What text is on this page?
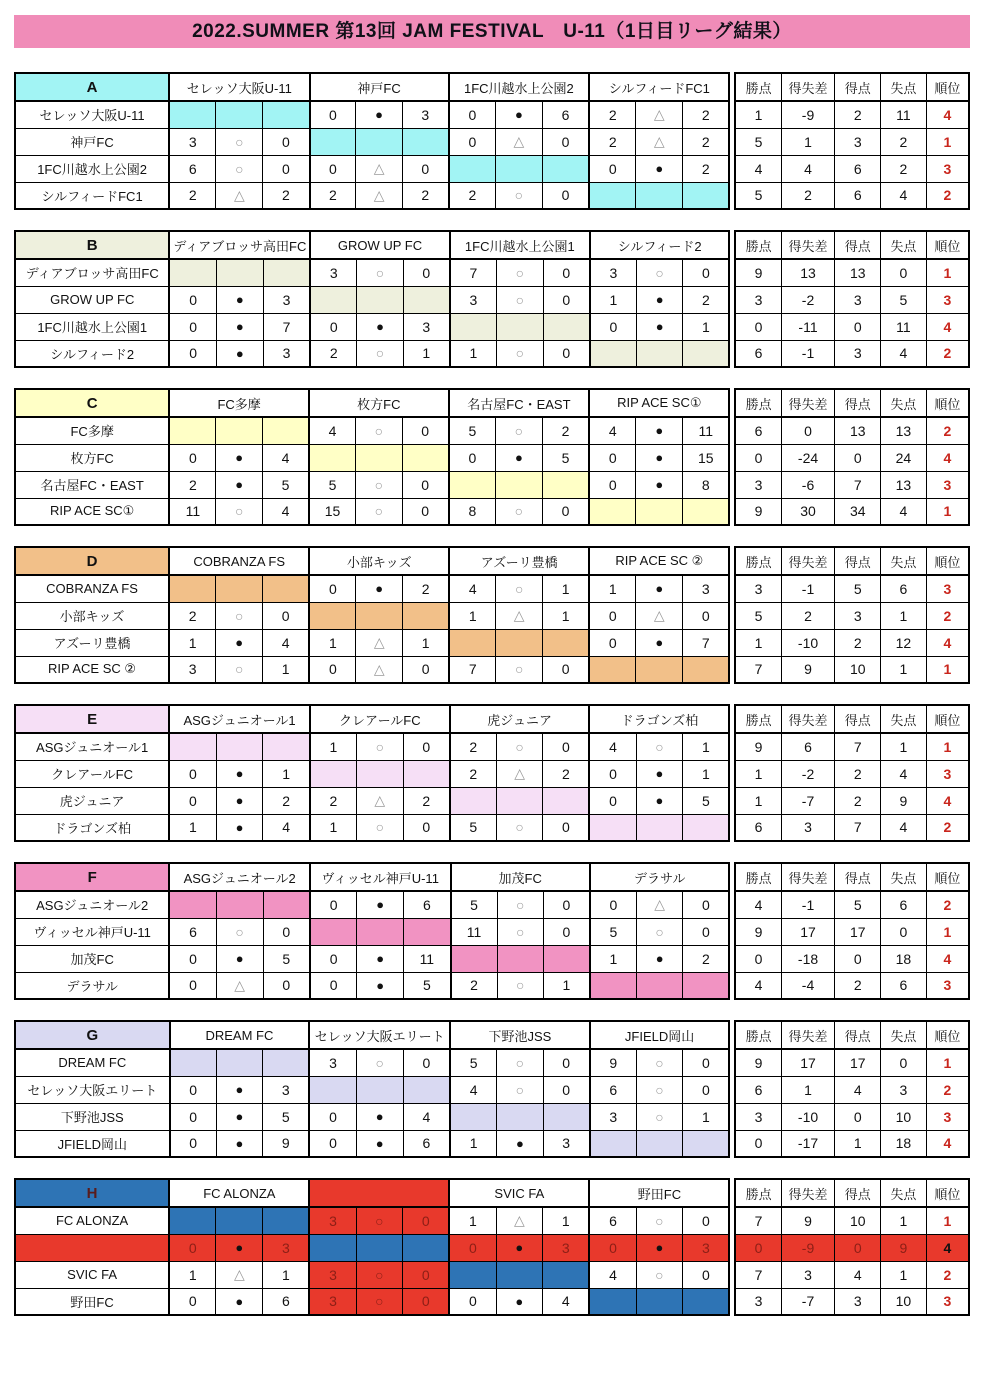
2022.SUMMER 第13回 JAM FESTIVAL　U-11（1日目リーグ結果）
A	セレッソ大阪U-11			神戸FC			1FC川越水上公園2			シルフィードFC1		
セレッソ大阪U-11				0	●	3	0	●	6	2	△	2
神戸FC	3	○	0				0	△	0	2	△	2
1FC川越水上公園2	6	○	0	0	△	0				0	●	2
シルフィードFC1	2	△	2	2	△	2	2	○	0			
勝点	得失差	得点	失点	順位
1	-9	2	11	4
5	1	3	2	1
4	4	6	2	3
5	2	6	4	2
B	ディアブロッサ高田FC			GROW UP FC			1FC川越水上公園1			シルフィード2		
ディアブロッサ高田FC				3	○	0	7	○	0	3	○	0
GROW UP FC	0	●	3				3	○	0	1	●	2
1FC川越水上公園1	0	●	7	0	●	3				0	●	1
シルフィード2	0	●	3	2	○	1	1	○	0			
勝点	得失差	得点	失点	順位
9	13	13	0	1
3	-2	3	5	3
0	-11	0	11	4
6	-1	3	4	2
C	FC多摩			枚方FC			名古屋FC・EAST			RIP ACE SC①		
FC多摩				4	○	0	5	○	2	4	●	11
枚方FC	0	●	4				0	●	5	0	●	15
名古屋FC・EAST	2	●	5	5	○	0				0	●	8
RIP ACE SC①	11	○	4	15	○	0	8	○	0			
勝点	得失差	得点	失点	順位
6	0	13	13	2
0	-24	0	24	4
3	-6	7	13	3
9	30	34	4	1
D	COBRANZA FS			小部キッズ			アズーリ豊橋			RIP ACE SC ②		
COBRANZA FS				0	●	2	4	○	1	1	●	3
小部キッズ	2	○	0				1	△	1	0	△	0
アズーリ豊橋	1	●	4	1	△	1				0	●	7
RIP ACE SC ②	3	○	1	0	△	0	7	○	0			
勝点	得失差	得点	失点	順位
3	-1	5	6	3
5	2	3	1	2
1	-10	2	12	4
7	9	10	1	1
E	ASGジュニオール1			クレアールFC			虎ジュニア			ドラゴンズ柏		
ASGジュニオール1				1	○	0	2	○	0	4	○	1
クレアールFC	0	●	1				2	△	2	0	●	1
虎ジュニア	0	●	2	2	△	2				0	●	5
ドラゴンズ柏	1	●	4	1	○	0	5	○	0			
勝点	得失差	得点	失点	順位
9	6	7	1	1
1	-2	2	4	3
1	-7	2	9	4
6	3	7	4	2
F	ASGジュニオール2			ヴィッセル神戸U-11			加茂FC			デラサル		
ASGジュニオール2				0	●	6	5	○	0	0	△	0
ヴィッセル神戸U-11	6	○	0				11	○	0	5	○	0
加茂FC	0	●	5	0	●	11				1	●	2
デラサル	0	△	0	0	●	5	2	○	1			
勝点	得失差	得点	失点	順位
4	-1	5	6	2
9	17	17	0	1
0	-18	0	18	4
4	-4	2	6	3
G	DREAM FC			セレッソ大阪エリート			下野池JSS			JFIELD岡山		
DREAM FC				3	○	0	5	○	0	9	○	0
セレッソ大阪エリート	0	●	3				4	○	0	6	○	0
下野池JSS	0	●	5	0	●	4				3	○	1
JFIELD岡山	0	●	9	0	●	6	1	●	3			
勝点	得失差	得点	失点	順位
9	17	17	0	1
6	1	4	3	2
3	-10	0	10	3
0	-17	1	18	4
H	FC ALONZA						SVIC FA			野田FC		
FC ALONZA				3	○	0	1	△	1	6	○	0
	0	●	3				0	●	3	0	●	3
SVIC FA	1	△	1	3	○	0				4	○	0
野田FC	0	●	6	3	○	0	0	●	4			
勝点	得失差	得点	失点	順位
7	9	10	1	1
0	-9	0	9	4
7	3	4	1	2
3	-7	3	10	3
